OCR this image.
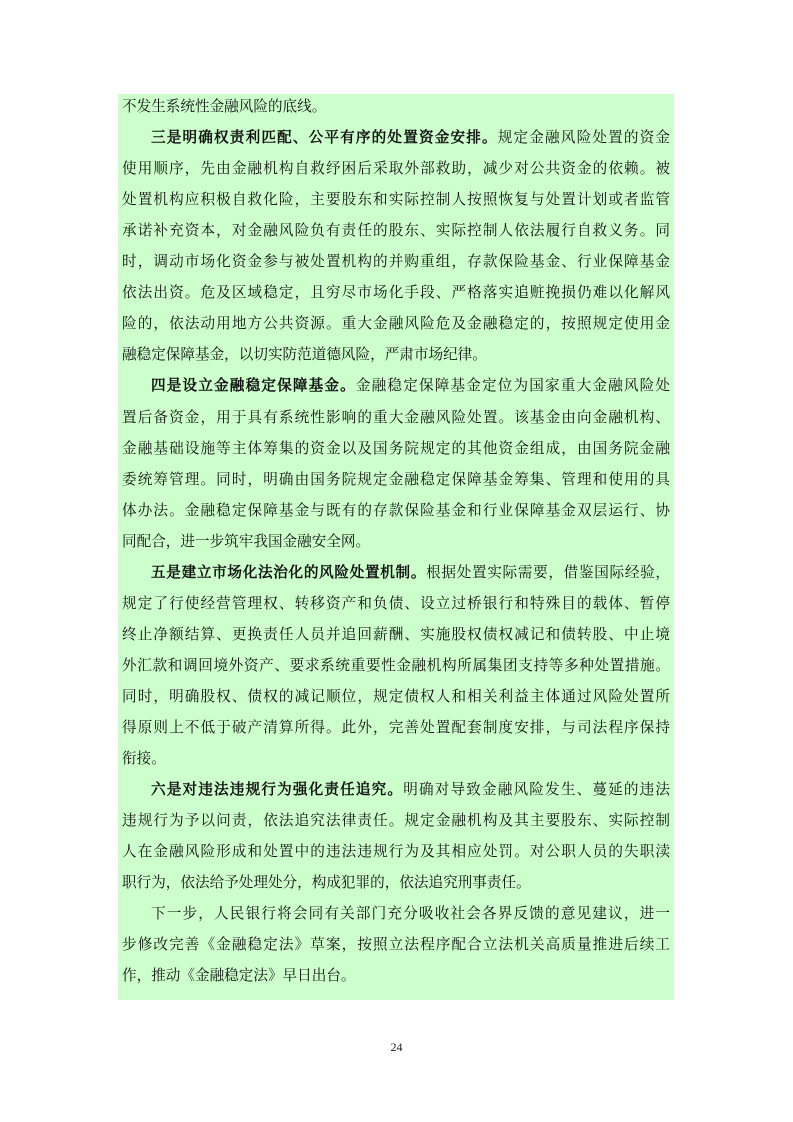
不发生系统性金融风险的底线。
三是明确权责利匹配、公平有序的处置资金安排。规定金融风险处置的资金
使用顺序，先由金融机构自救纾困后采取外部救助，减少对公共资金的依赖。被
处置机构应积极自救化险，主要股东和实际控制人按照恢复与处置计划或者监管
承诺补充资本，对金融风险负有责任的股东、实际控制人依法履行自救义务。同
时，调动市场化资金参与被处置机构的并购重组，存款保险基金、行业保障基金
依法出资。危及区域稳定，且穷尽市场化手段、严格落实追赃挽损仍难以化解风
险的，依法动用地方公共资源。重大金融风险危及金融稳定的，按照规定使用金
融稳定保障基金，以切实防范道德风险，严肃市场纪律。
四是设立金融稳定保障基金。金融稳定保障基金定位为国家重大金融风险处
置后备资金，用于具有系统性影响的重大金融风险处置。该基金由向金融机构、
金融基础设施等主体筹集的资金以及国务院规定的其他资金组成，由国务院金融
委统筹管理。同时，明确由国务院规定金融稳定保障基金筹集、管理和使用的具
体办法。金融稳定保障基金与既有的存款保险基金和行业保障基金双层运行、协
同配合，进一步筑牢我国金融安全网。
五是建立市场化法治化的风险处置机制。根据处置实际需要，借鉴国际经验，
规定了行使经营管理权、转移资产和负债、设立过桥银行和特殊目的载体、暂停
终止净额结算、更换责任人员并追回薪酬、实施股权债权减记和债转股、中止境
外汇款和调回境外资产、要求系统重要性金融机构所属集团支持等多种处置措施。
同时，明确股权、债权的减记顺位，规定债权人和相关利益主体通过风险处置所
得原则上不低于破产清算所得。此外，完善处置配套制度安排，与司法程序保持
衔接。
六是对违法违规行为强化责任追究。明确对导致金融风险发生、蔓延的违法
违规行为予以问责，依法追究法律责任。规定金融机构及其主要股东、实际控制
人在金融风险形成和处置中的违法违规行为及其相应处罚。对公职人员的失职渎
职行为，依法给予处理处分，构成犯罪的，依法追究刑事责任。
下一步，人民银行将会同有关部门充分吸收社会各界反馈的意见建议，进一
步修改完善《金融稳定法》草案，按照立法程序配合立法机关高质量推进后续工
作，推动《金融稳定法》早日出台。
24
